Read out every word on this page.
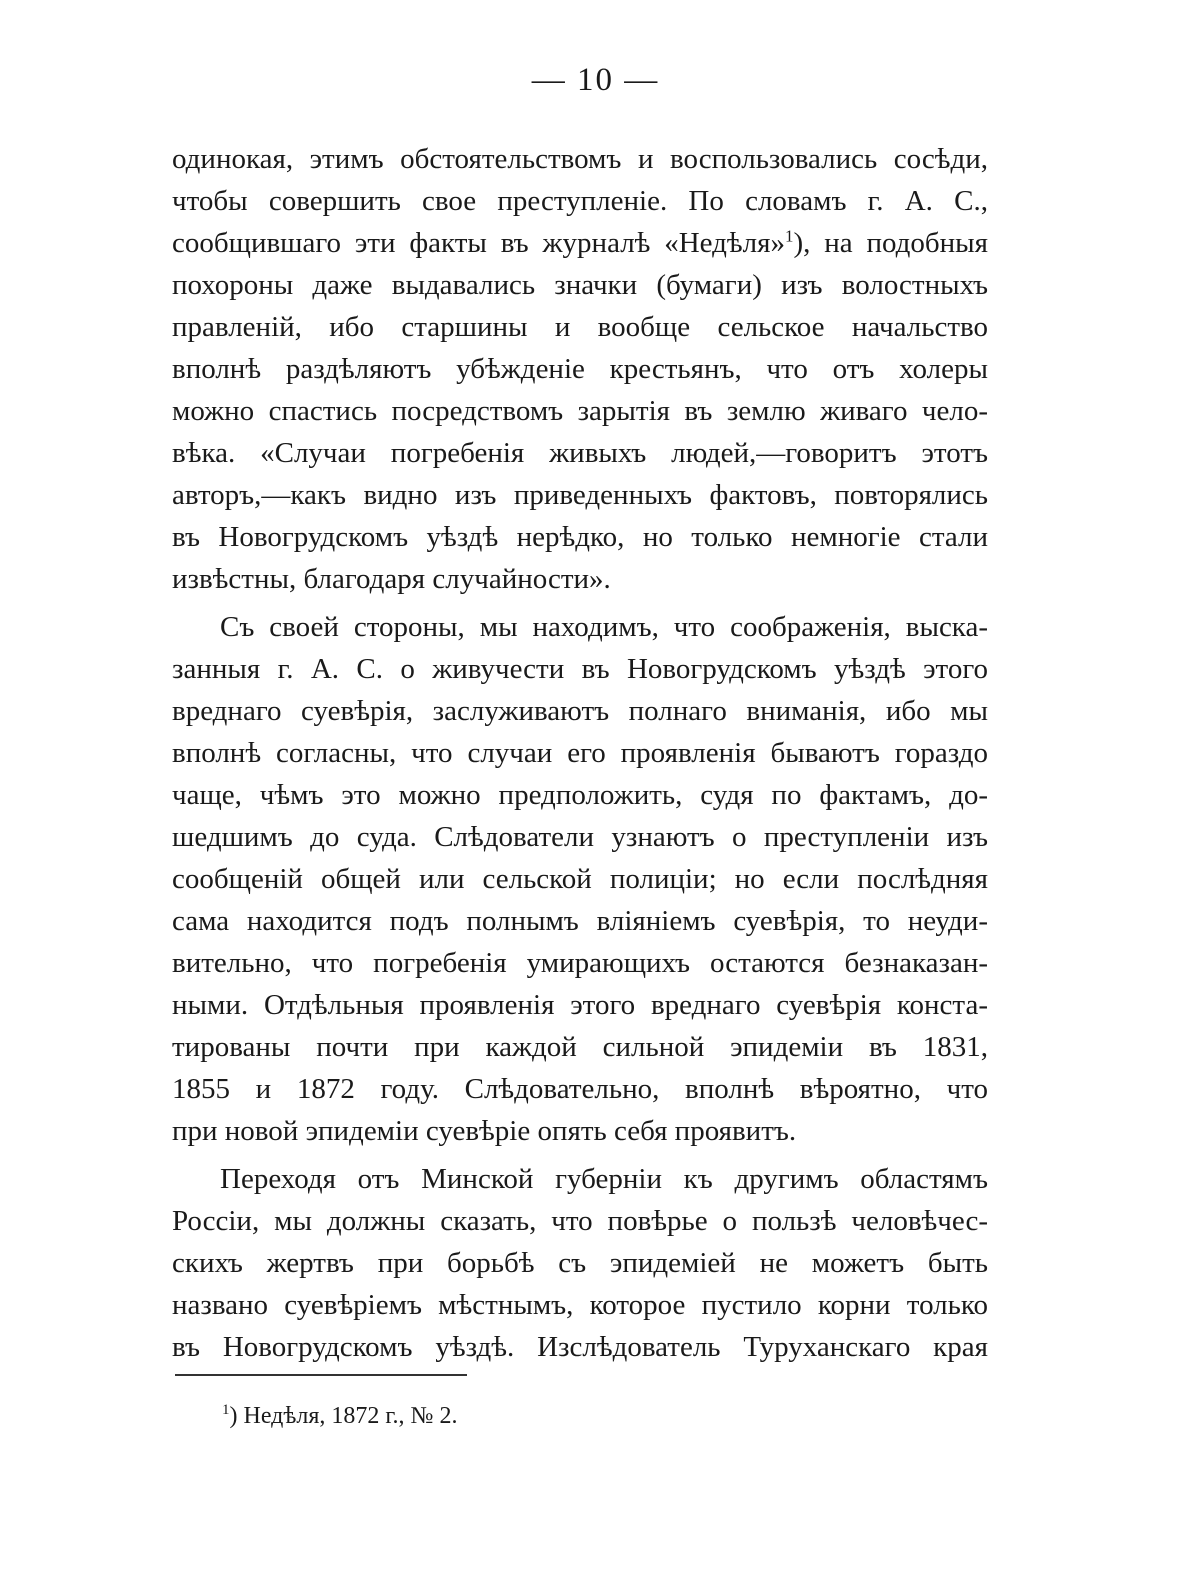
— 10 —
одинокая, этимъ обстоятельствомъ и воспользовались сосѣди,
чтобы совершить свое преступленіе. По словамъ г. А. С.,
сообщившаго эти факты въ журналѣ «Недѣля»$^1$), на подобныя
похороны даже выдавались значки (бумаги) изъ волостныхъ
правленій, ибо старшины и вообще сельское начальство
вполнѣ раздѣляютъ убѣжденіе крестьянъ, что отъ холеры
можно спастись посредствомъ зарытія въ землю живаго чело-
вѣка. «Случаи погребенія живыхъ людей,—говоритъ этотъ
авторъ,—какъ видно изъ приведенныхъ фактовъ, повторялись
въ Новогрудскомъ уѣздѣ нерѣдко, но только немногіе стали
извѣстны, благодаря случайности».
Съ своей стороны, мы находимъ, что соображенія, выска-
занныя г. А. С. о живучести въ Новогрудскомъ уѣздѣ этого
вреднаго суевѣрія, заслуживаютъ полнаго вниманія, ибо мы
вполнѣ согласны, что случаи его проявленія бываютъ гораздо
чаще, чѣмъ это можно предположить, судя по фактамъ, до-
шедшимъ до суда. Слѣдователи узнаютъ о преступленіи изъ
сообщеній общей или сельской полиціи; но если послѣдняя
сама находится подъ полнымъ вліяніемъ суевѣрія, то неуди-
вительно, что погребенія умирающихъ остаются безнаказан-
ными. Отдѣльныя проявленія этого вреднаго суевѣрія конста-
тированы почти при каждой сильной эпидеміи въ 1831,
1855 и 1872 году. Слѣдовательно, вполнѣ вѣроятно, что
при новой эпидеміи суевѣріе опять себя проявитъ.
Переходя отъ Минской губерніи къ другимъ областямъ
Россіи, мы должны сказать, что повѣрье о пользѣ человѣчес-
скихъ жертвъ при борьбѣ съ эпидеміей не можетъ быть
названо суевѣріемъ мѣстнымъ, которое пустило корни только
въ Новогрудскомъ уѣздѣ. Изслѣдователь Туруханскаго края
$^1$) Недѣля, 1872 г., № 2.
